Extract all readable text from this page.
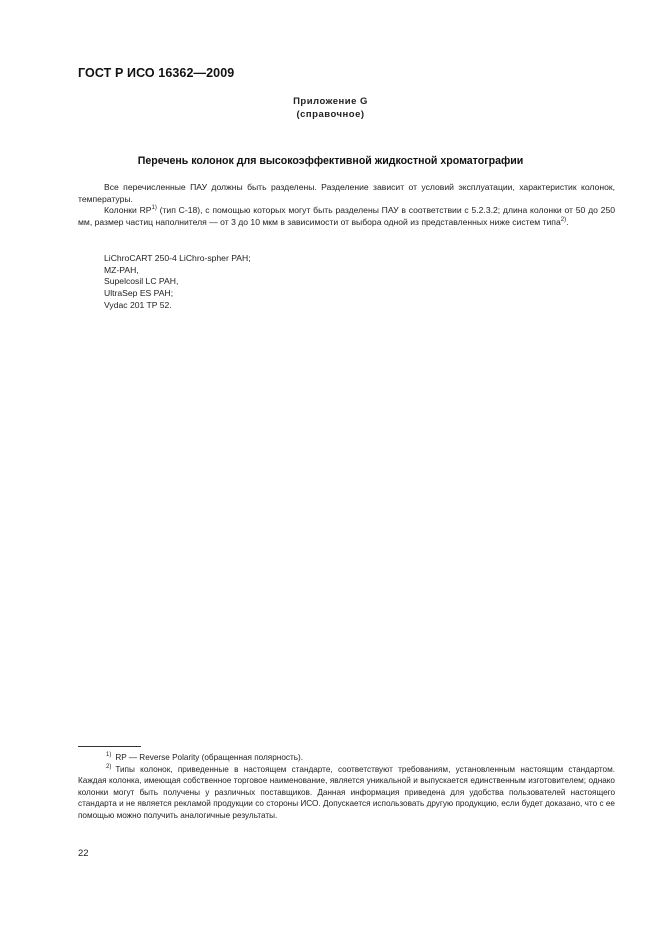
ГОСТ Р ИСО 16362—2009
Приложение G
(справочное)
Перечень колонок для высокоэффективной жидкостной хроматографии

Все перечисленные ПАУ должны быть разделены. Разделение зависит от условий эксплуатации, характеристик колонок, температуры.

Колонки RP$^{1)}$ (тип С-18), с помощью которых могут быть разделены ПАУ в соответствии с 5.2.3.2; длина колонки от 50 до 250 мм, размер частиц наполнителя — от 3 до 10 мкм в зависимости от выбора одной из представленных ниже систем типа$^{2)}$.

LiChroCART 250-4 LiChro-spher PAH;
MZ-PAH,
Supelcosil LC PAH,
UltraSep ES PAH;
Vydac 201 TP 52.

$^{1)}$ RP — Reverse Polarity (обращенная полярность).

$^{2)}$ Типы колонок, приведенные в настоящем стандарте, соответствуют требованиям, установленным настоящим стандартом. Каждая колонка, имеющая собственное торговое наименование, является уникальной и выпускается единственным изготовителем; однако колонки могут быть получены у различных поставщиков. Данная информация приведена для удобства пользователей настоящего стандарта и не является рекламой продукции со стороны ИСО. Допускается использовать другую продукцию, если будет доказано, что с ее помощью можно получить аналогичные результаты.

22
